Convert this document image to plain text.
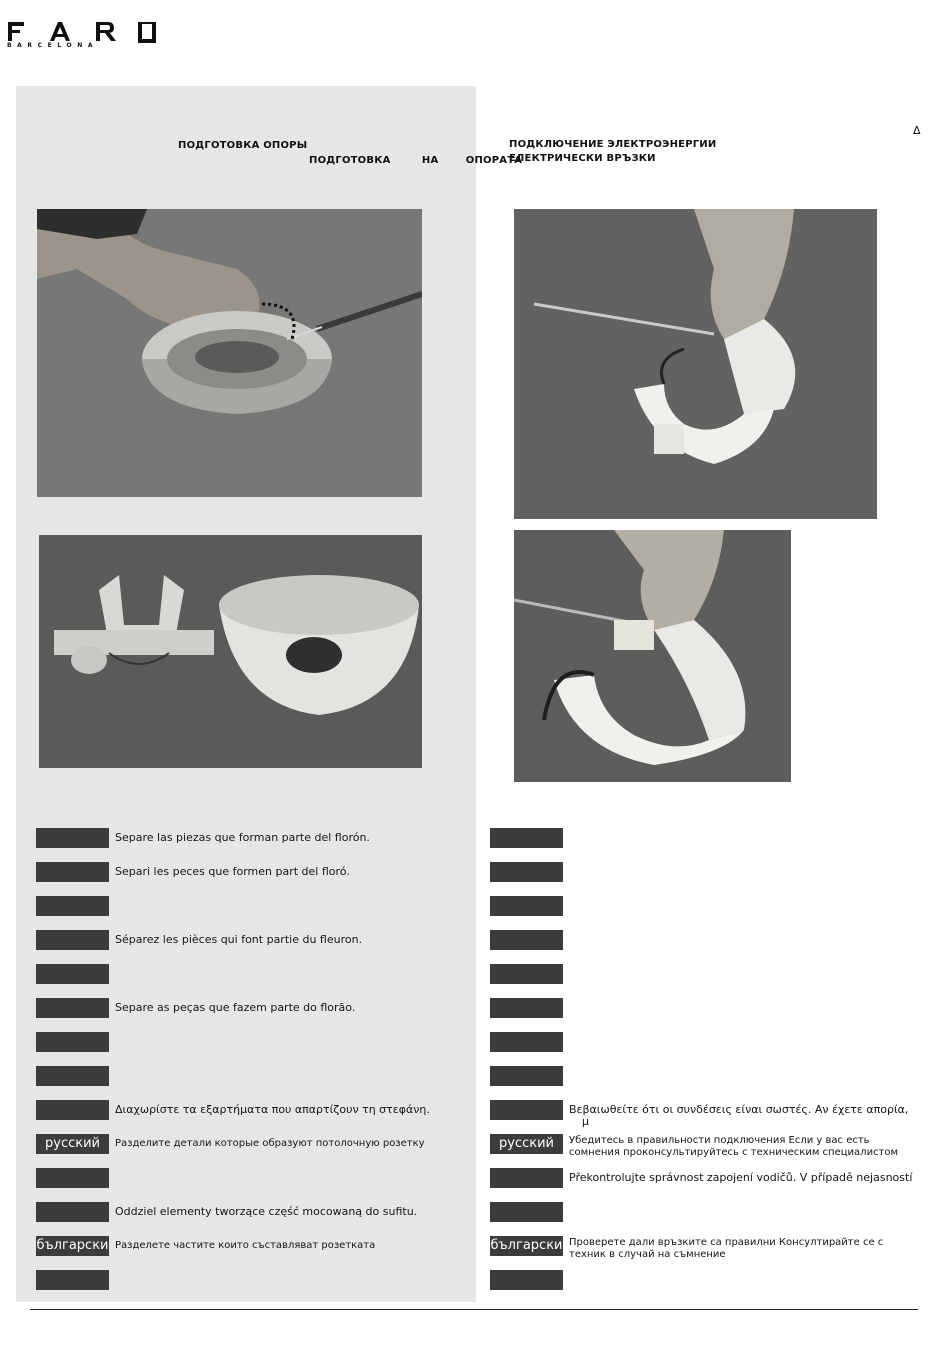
BARCELONA
Δ
ПОДГОТОВКА ОПОРЫ
ПОДГОТОВКА	НА	ОПОРАТА
ПОДКЛЮЧЕНИЕ ЭЛЕКТРОЭНЕРГИИ
ЕЛЕКТРИЧЕСКИ ВРЪЗКИ
Separe las piezas que forman parte del florón.
Separi les peces que formen part del floró.
Séparez les pièces qui font partie du fleuron.
Separe as peças que fazem parte do florão.
Διαχωρίστε τα εξαρτήματα που απαρτίζουν τη στεφάνη.
русский	Разделите детали которые образуют потолочную розетку
Oddziel elementy tworzące część mocowaną do sufitu.
български Разделете частите които съставляват розетката
Βεβαιωθείτε ότι οι συνδέσεις είναι σωστές. Αν έχετε απορία,
μ
русский	Убедитесь в правильности подключения Если у вас есть сомнения проконсультируйтесь с техническим специалистом
Překontrolujte správnost zapojení vodičů. V případě nejasností
български Проверете дали връзките са правилни Консултирайте се с техник в случай на съмнение
